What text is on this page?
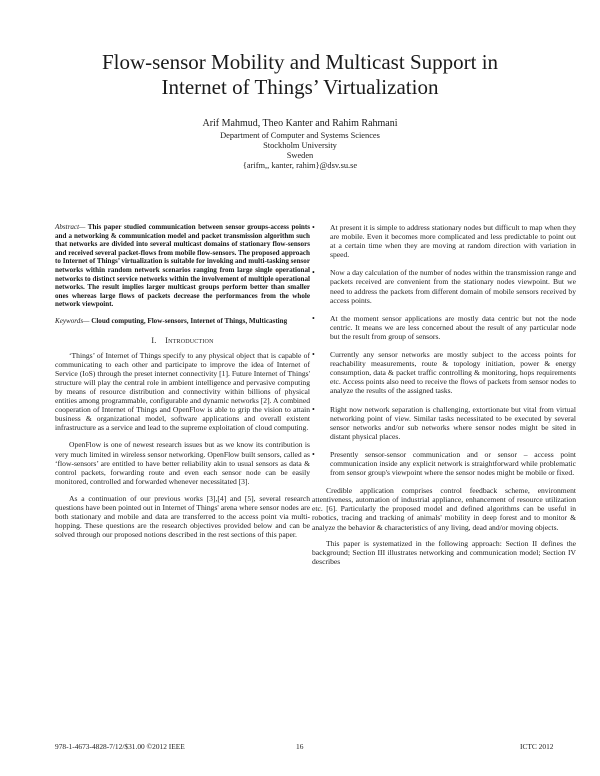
Flow-sensor Mobility and Multicast Support in
Internet of Things’ Virtualization
Arif Mahmud, Theo Kanter and Rahim Rahmani
Department of Computer and Systems Sciences
Stockholm University
Sweden
{arifm,, kanter, rahim}@dsv.su.se

Abstract— This paper studied communication between sensor groups-access points and a networking & communication model and packet transmission algorithm such that networks are divided into several multicast domains of stationary flow-sensors and received several packet-flows from mobile flow-sensors. The proposed approach to Internet of Things’ virtualization is suitable for invoking and multi-tasking sensor networks within random network scenarios ranging from large single operational networks to distinct service networks within the involvement of multiple operational networks. The result implies larger multicast groups perform better than smaller ones whereas large flows of packets decrease the performances from the whole network viewpoint.

Keywords— Cloud computing, Flow-sensors, Internet of Things, Multicasting

I. Introduction

‘Things’ of Internet of Things specify to any physical object that is capable of communicating to each other and participate to improve the idea of Internet of Service (IoS) through the preset internet connectivity [1]. Future Internet of Things' structure will play the central role in ambient intelligence and pervasive computing by means of resource distribution and connectivity within billions of physical entities among programmable, configurable and dynamic networks [2]. A combined cooperation of Internet of Things and OpenFlow is able to grip the vision to attain business & organizational model, software applications and overall existent infrastructure as a service and lead to the supreme exploitation of cloud computing.

OpenFlow is one of newest research issues but as we know its contribution is very much limited in wireless sensor networking. OpenFlow built sensors, called as ‘flow-sensors’ are entitled to have better reliability akin to usual sensors as data & control packets, forwarding route and even each sensor node can be easily monitored, controlled and forwarded whenever necessitated [3].

As a continuation of our previous works [3],[4] and [5], several research questions have been pointed out in Internet of Things' arena where sensor nodes are both stationary and mobile and data are transferred to the access point via multi-hopping. These questions are the research objectives provided below and can be solved through our proposed notions described in the rest sections of this paper.

• At present it is simple to address stationary nodes but difficult to map when they are mobile. Even it becomes more complicated and less predictable to point out at a certain time when they are moving at random direction with variation in speed.
• Now a day calculation of the number of nodes within the transmission range and packets received are convenient from the stationary nodes viewpoint. But we need to address the packets from different domain of mobile sensors received by access points.
• At the moment sensor applications are mostly data centric but not the node centric. It means we are less concerned about the result of any particular node but the result from group of sensors.
• Currently any sensor networks are mostly subject to the access points for reachability measurements, route & topology initiation, power & energy consumption, data & packet traffic controlling & monitoring, hops requirements etc. Access points also need to receive the flows of packets from sensor nodes to analyze the results of the assigned tasks.
• Right now network separation is challenging, extortionate but vital from virtual networking point of view. Similar tasks necessitated to be executed by several sensor networks and/or sub networks where sensor nodes might be sited in distant physical places.
• Presently sensor-sensor communication and or sensor – access point communication inside any explicit network is straightforward while problematic from sensor group's viewpoint where the sensor nodes might be mobile or fixed.

Credible application comprises control feedback scheme, environment attentiveness, automation of industrial appliance, enhancement of resource utilization etc. [6]. Particularly the proposed model and defined algorithms can be useful in robotics, tracing and tracking of animals' mobility in deep forest and to monitor & analyze the behavior & characteristics of any living, dead and/or moving objects.

This paper is systematized in the following approach: Section II defines the background; Section III illustrates networking and communication model; Section IV describes

978-1-4673-4828-7/12/$31.00 ©2012 IEEE	16	ICTC 2012
